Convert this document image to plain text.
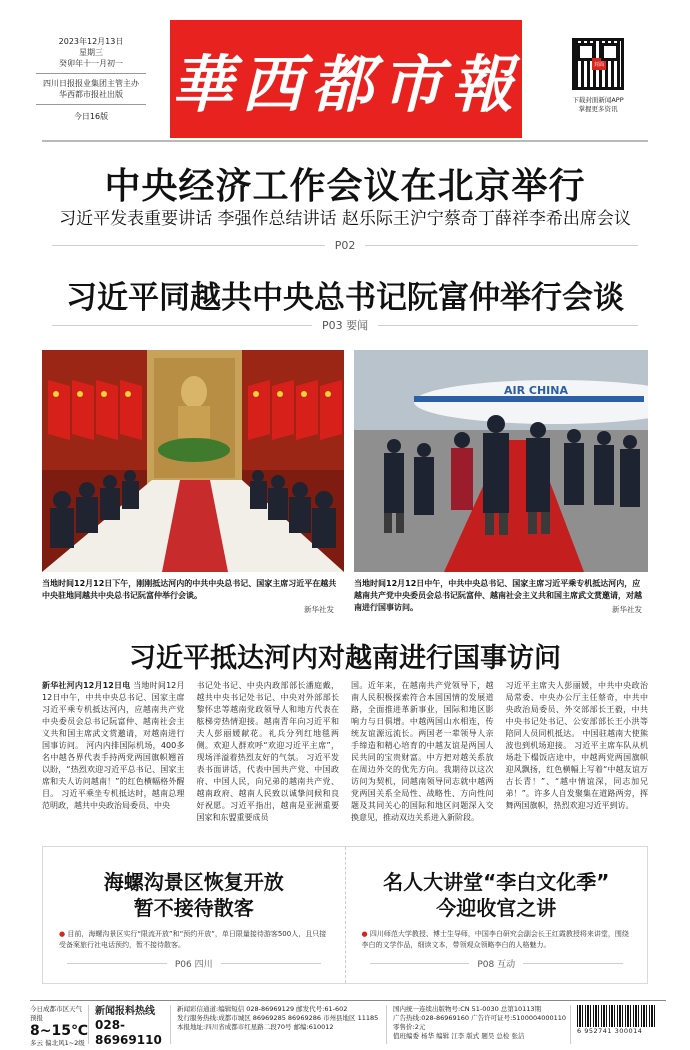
2023年12月13日
星期三
癸卯年十一月初一
四川日报报业集团主管主办
华西都市报社出版
今日16版	華西都市報	封面
下载封面新闻APP
掌握更多资讯
中央经济工作会议在北京举行
习近平发表重要讲话 李强作总结讲话 赵乐际王沪宁蔡奇丁薛祥李希出席会议
P02
习近平同越共中央总书记阮富仲举行会谈
P03 要闻
AIR CHINA
当地时间12月12日下午，刚刚抵达河内的中共中央总书记、国家主席习近平在越共中央驻地同越共中央总书记阮富仲举行会谈。
新华社发
当地时间12月12日中午，中共中央总书记、国家主席习近平乘专机抵达河内，应越南共产党中央委员会总书记阮富仲、越南社会主义共和国主席武文赏邀请，对越南进行国事访问。	新华社发
习近平抵达河内对越南进行国事访问
新华社河内12月12日电 当地时间12月12日中午，中共中央总书记、国家主席习近平乘专机抵达河内，应越南共产党中央委员会总书记阮富仲、越南社会主义共和国主席武文赏邀请，对越南进行国事访问。 河内内排国际机场，400多名中越各界代表手持两党两国旗帜翘首以盼，“热烈欢迎习近平总书记、国家主席和夫人访问越南！”的红色横幅格外醒目。 习近平乘坐专机抵达时，越南总理范明政，越共中央政治局委员、中央
书记处书记、中央内政部部长潘庭戴，越共中央书记处书记、中央对外部部长黎怀忠等越南党政领导人和地方代表在舷梯旁热情迎接。越南青年向习近平和夫人彭丽媛献花。礼兵分列红地毯两侧。欢迎人群欢呼“欢迎习近平主席”，现场洋溢着热烈友好的气氛。 习近平发表书面讲话，代表中国共产党、中国政府、中国人民，向兄弟的越南共产党、越南政府、越南人民致以诚挚问候和良好祝愿。习近平指出，越南是亚洲重要国家和东盟重要成员
国。近年来，在越南共产党领导下，越南人民积极探索符合本国国情的发展道路，全面推进革新事业，国际和地区影响力与日俱增。中越两国山水相连，传统友谊源远流长。两国老一辈领导人亲手缔造和精心培育的中越友谊是两国人民共同的宝贵财富。中方把对越关系放在周边外交的优先方向。我期待以这次访问为契机，同越南领导同志就中越两党两国关系全局性、战略性、方向性问题及其同关心的国际和地区问题深入交换意见，推动双边关系进入新阶段。
习近平主席夫人彭丽媛，中共中央政治局常委、中央办公厅主任蔡奇，中共中央政治局委员、外交部部长王毅，中共中央书记处书记、公安部部长王小洪等陪同人员同机抵达。 中国驻越南大使熊波也到机场迎接。 习近平主席车队从机场赴下榻饭店途中，中越两党两国旗帜迎风飘扬，红色横幅上写着“中越友谊万古长青！”、“越中情谊深，同志加兄弟！”。许多人自发聚集在道路两旁，挥舞两国旗帜，热烈欢迎习近平到访。
海螺沟景区恢复开放
暂不接待散客
● 目前，海螺沟景区实行“限流开放”和“预约开放”，单日限量接待游客500人，且只接受备案旅行社电话预约，暂不接待散客。
P06 四川
名人大讲堂“李白文化季”
今迎收官之讲
● 四川师范大学教授、博士生导师，中国李白研究会副会长王红霞教授将来讲堂，围绕李白的文学作品，细读文本，带领观众领略李白的人格魅力。
P08 互动
今日成都市区天气预报
8~15℃
多云 偏北风1~2级
新闻报料热线
028-86969110
新闻彩信通道:编辑短信 028-86969129 邮发代号:61-602
发行服务热线:成都市城区 86969285 86969286 市州县地区 11185
本报地址:四川省成都市红星路二段70号 邮编:610012
国内统一连续出版物号:CN 51-0030 总第10113期
广告热线:028-86969160 广告许可证号:5100004000110 零售价:2元
值班编委 杨华 编辑 江李 版式 题昊 总检 张洁
6 952741 300014
